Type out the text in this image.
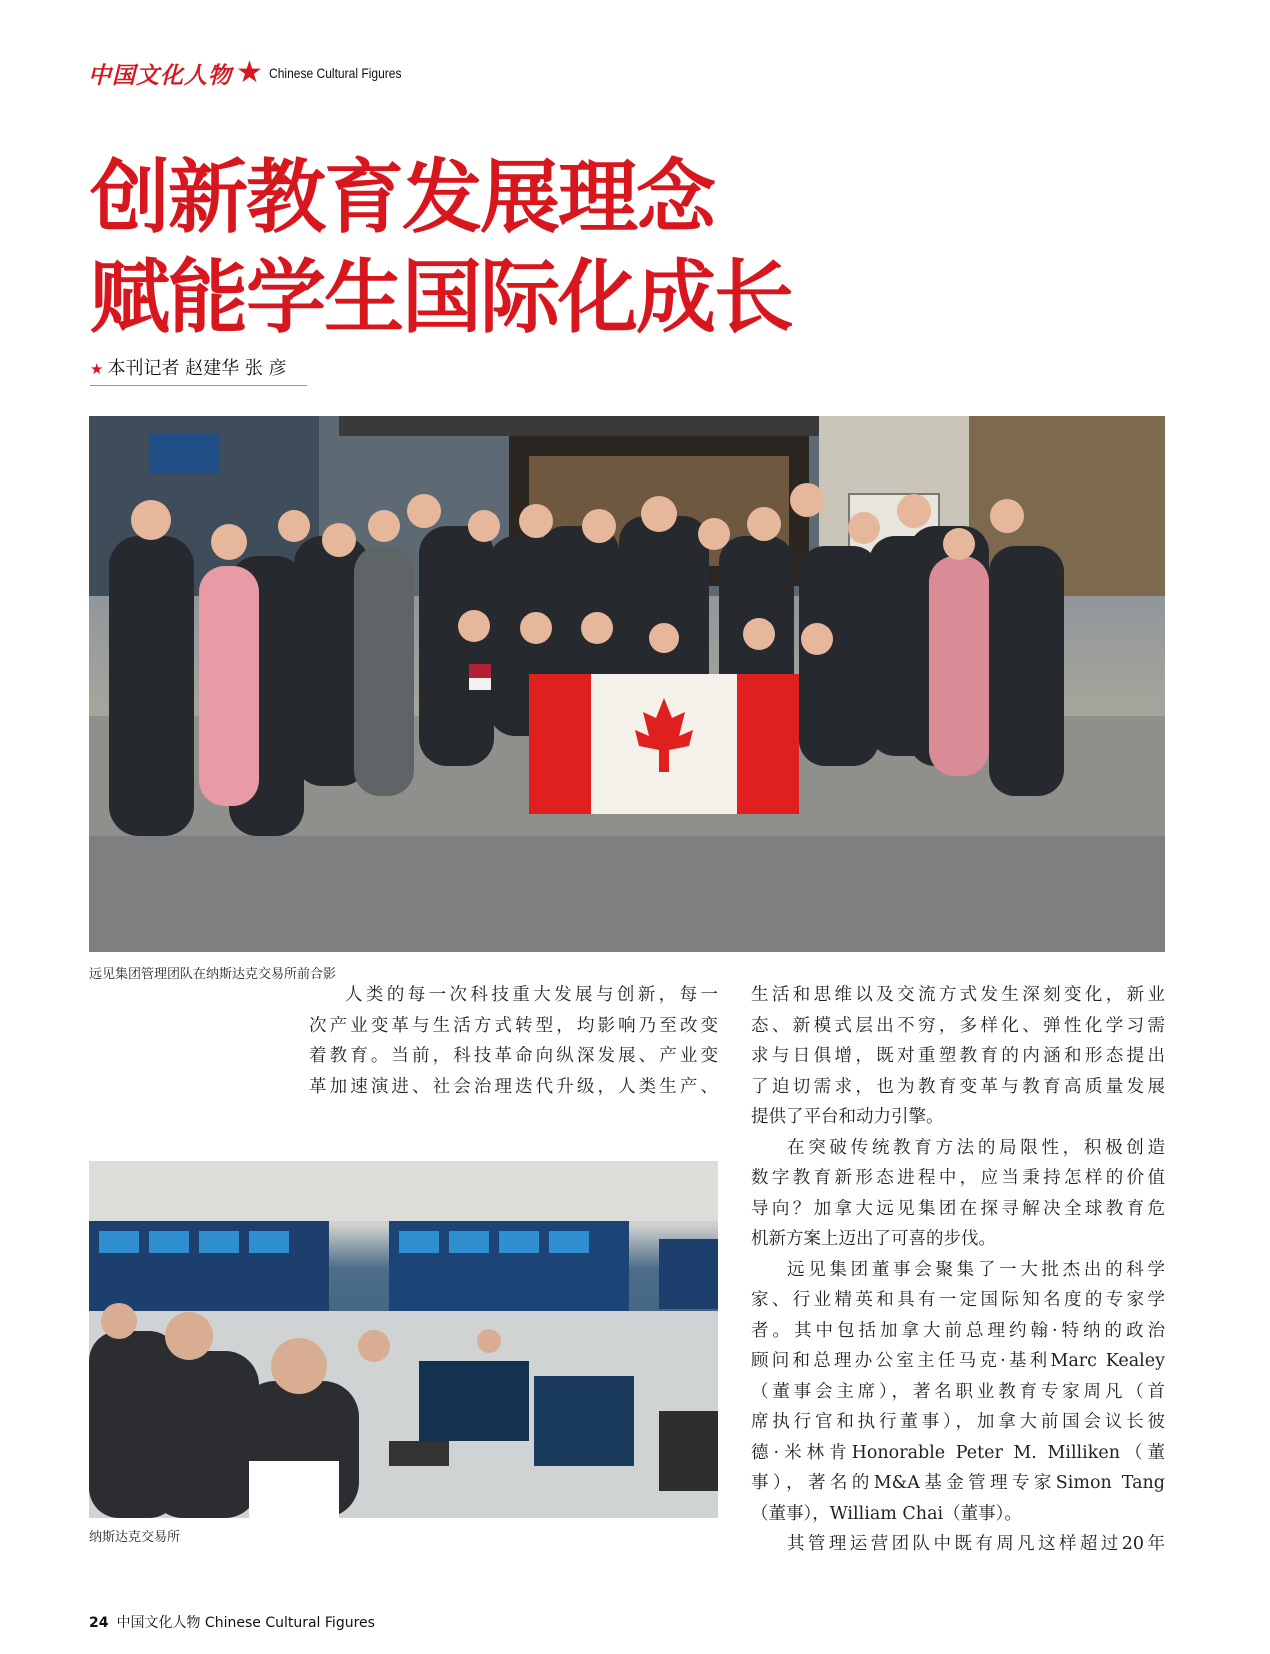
中国文化人物 ★ Chinese Cultural Figures
创新教育发展理念
赋能学生国际化成长
★ 本刊记者 赵建华 张 彦
远见集团管理团队在纳斯达克交易所前合影

人类的每一次科技重大发展与创新，每一

次产业变革与生活方式转型，均影响乃至改变

着教育。当前，科技革命向纵深发展、产业变

革加速演进、社会治理迭代升级，人类生产、

纳斯达克交易所

生活和思维以及交流方式发生深刻变化，新业

态、新模式层出不穷，多样化、弹性化学习需

求与日俱增，既对重塑教育的内涵和形态提出

了迫切需求，也为教育变革与教育高质量发展

提供了平台和动力引擎。

在突破传统教育方法的局限性，积极创造

数字教育新形态进程中，应当秉持怎样的价值

导向？加拿大远见集团在探寻解决全球教育危

机新方案上迈出了可喜的步伐。

远见集团董事会聚集了一大批杰出的科学

家、行业精英和具有一定国际知名度的专家学

者。其中包括加拿大前总理约翰·特纳的政治

顾问和总理办公室主任马克·基利Marc Kealey

（董事会主席），著名职业教育专家周凡（首

席执行官和执行董事），加拿大前国会议长彼

德·米林肯Honorable Peter M. Milliken（董

事），著名的M&A基金管理专家Simon Tang

（董事），William Chai（董事）。

其管理运营团队中既有周凡这样超过20年

24 中国文化人物 Chinese Cultural Figures
